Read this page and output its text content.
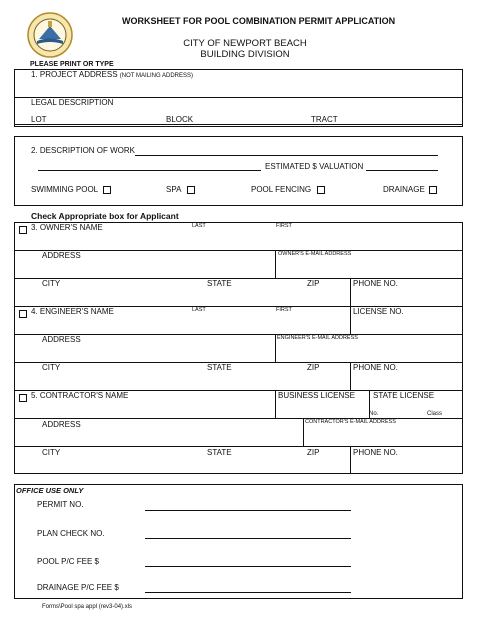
WORKSHEET FOR POOL COMBINATION PERMIT APPLICATION
CITY OF NEWPORT BEACH
BUILDING DIVISION
PLEASE PRINT OR TYPE
1. PROJECT ADDRESS (NOT MAILING ADDRESS)
LEGAL DESCRIPTION
LOT	BLOCK	TRACT
2. DESCRIPTION OF WORK
ESTIMATED $ VALUATION
SWIMMING POOL	SPA	POOL FENCING	DRAINAGE
Check Appropriate box for Applicant
3. OWNER'S NAME	LAST	FIRST
ADDRESS	OWNER'S E-MAIL ADDRESS
CITY	STATE	ZIP	PHONE NO.
4. ENGINEER'S NAME	LAST	FIRST	LICENSE NO.
ADDRESS	ENGINEER'S E-MAIL ADDRESS
CITY	STATE	ZIP	PHONE NO.
5. CONTRACTOR'S NAME	BUSINESS LICENSE STATE LICENSE
No.	Class
ADDRESS	CONTRACTOR'S E-MAIL ADDRESS
CITY	STATE	ZIP	PHONE NO.
OFFICE USE ONLY
PERMIT NO.
PLAN CHECK NO.
POOL P/C FEE $
DRAINAGE P/C FEE $
Forms\Pool spa appl (rev3-04).xls
